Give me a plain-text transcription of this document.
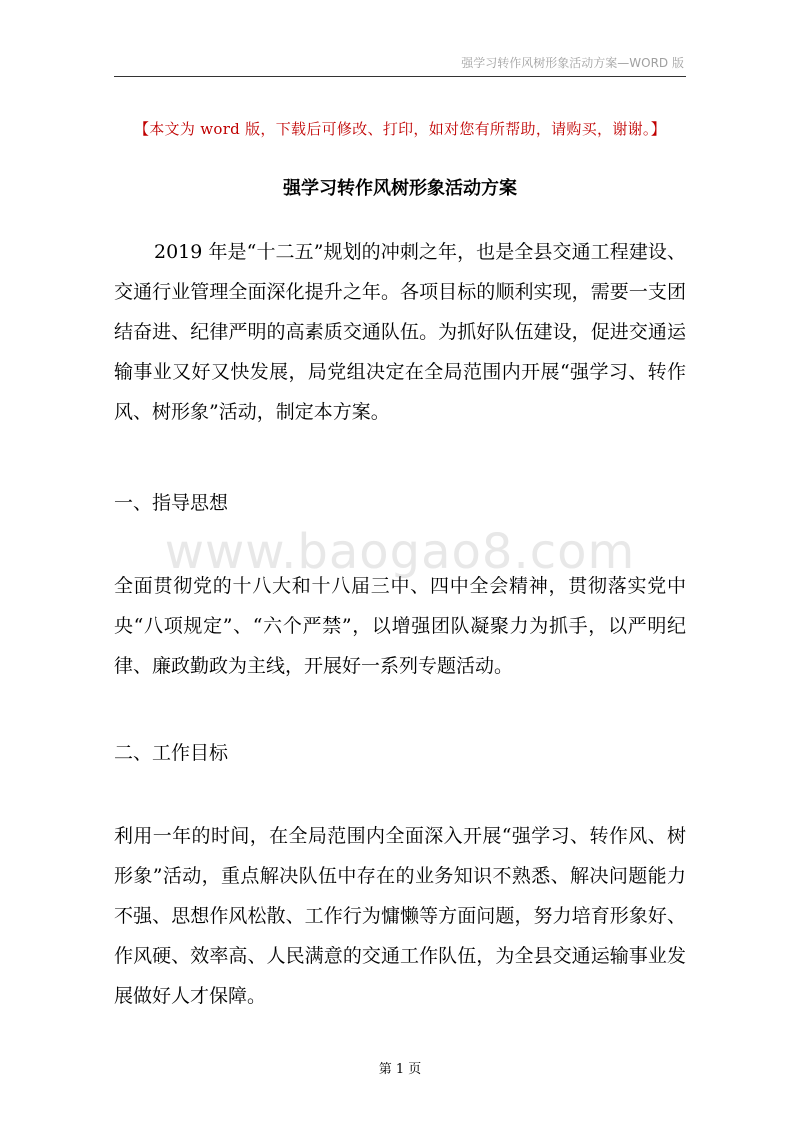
强学习转作风树形象活动方案—WORD 版
【本文为 word 版，下载后可修改、打印，如对您有所帮助，请购买，谢谢。】
强学习转作风树形象活动方案

2019 年是“十二五”规划的冲刺之年，也是全县交通工程建设、交通行业管理全面深化提升之年。各项目标的顺利实现，需要一支团结奋进、纪律严明的高素质交通队伍。为抓好队伍建设，促进交通运输事业又好又快发展，局党组决定在全局范围内开展“强学习、转作风、树形象”活动，制定本方案。

一、指导思想

www.baogao8.com

全面贯彻党的十八大和十八届三中、四中全会精神，贯彻落实党中央“八项规定”、“六个严禁”，以增强团队凝聚力为抓手，以严明纪律、廉政勤政为主线，开展好一系列专题活动。

二、工作目标

利用一年的时间，在全局范围内全面深入开展“强学习、转作风、树形象”活动，重点解决队伍中存在的业务知识不熟悉、解决问题能力不强、思想作风松散、工作行为慵懒等方面问题，努力培育形象好、作风硬、效率高、人民满意的交通工作队伍，为全县交通运输事业发展做好人才保障。

第 1 页
